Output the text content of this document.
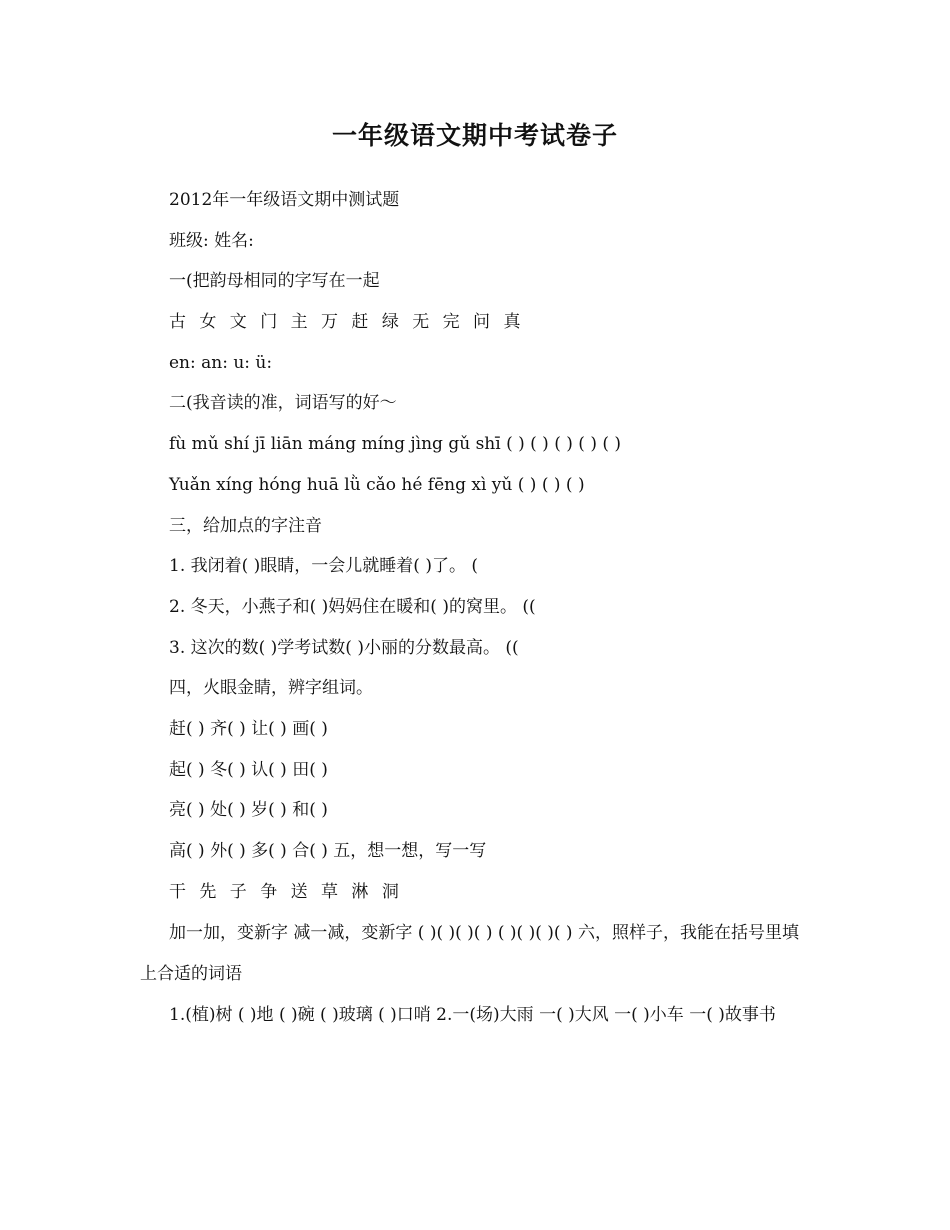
一年级语文期中考试卷子
2012年一年级语文期中测试题
班级: 姓名:
一(把韵母相同的字写在一起
古 女 文 门 主 万 赶 绿 无 完 问 真
en: an: u: ü:
二(我音读的准，词语写的好～
fù mǔ shí jī liān máng míng jìng gǔ shī ( ) ( ) ( ) ( ) ( )
Yuǎn xíng hóng huā lǜ cǎo hé fēng xì yǔ ( ) ( ) ( )
三，给加点的字注音
1. 我闭着( )眼睛，一会儿就睡着( )了。 (
2. 冬天，小燕子和( )妈妈住在暖和( )的窝里。 ((
3. 这次的数( )学考试数( )小丽的分数最高。 ((
四，火眼金睛，辨字组词。
赶( ) 齐( ) 让( ) 画( )
起( ) 冬( ) 认( ) 田( )
亮( ) 处( ) 岁( ) 和( )
高( ) 外( ) 多( ) 合( ) 五，想一想，写一写
干 先 子 争 送 草 淋 洞
加一加，变新字 减一减，变新字 ( )( )( )( ) ( )( )( )( ) 六，照样子，我能在括号里填上合适的词语
1.(植)树 ( )地 ( )碗 ( )玻璃 ( )口哨 2.一(场)大雨 一( )大风 一( )小车 一( )故事书
